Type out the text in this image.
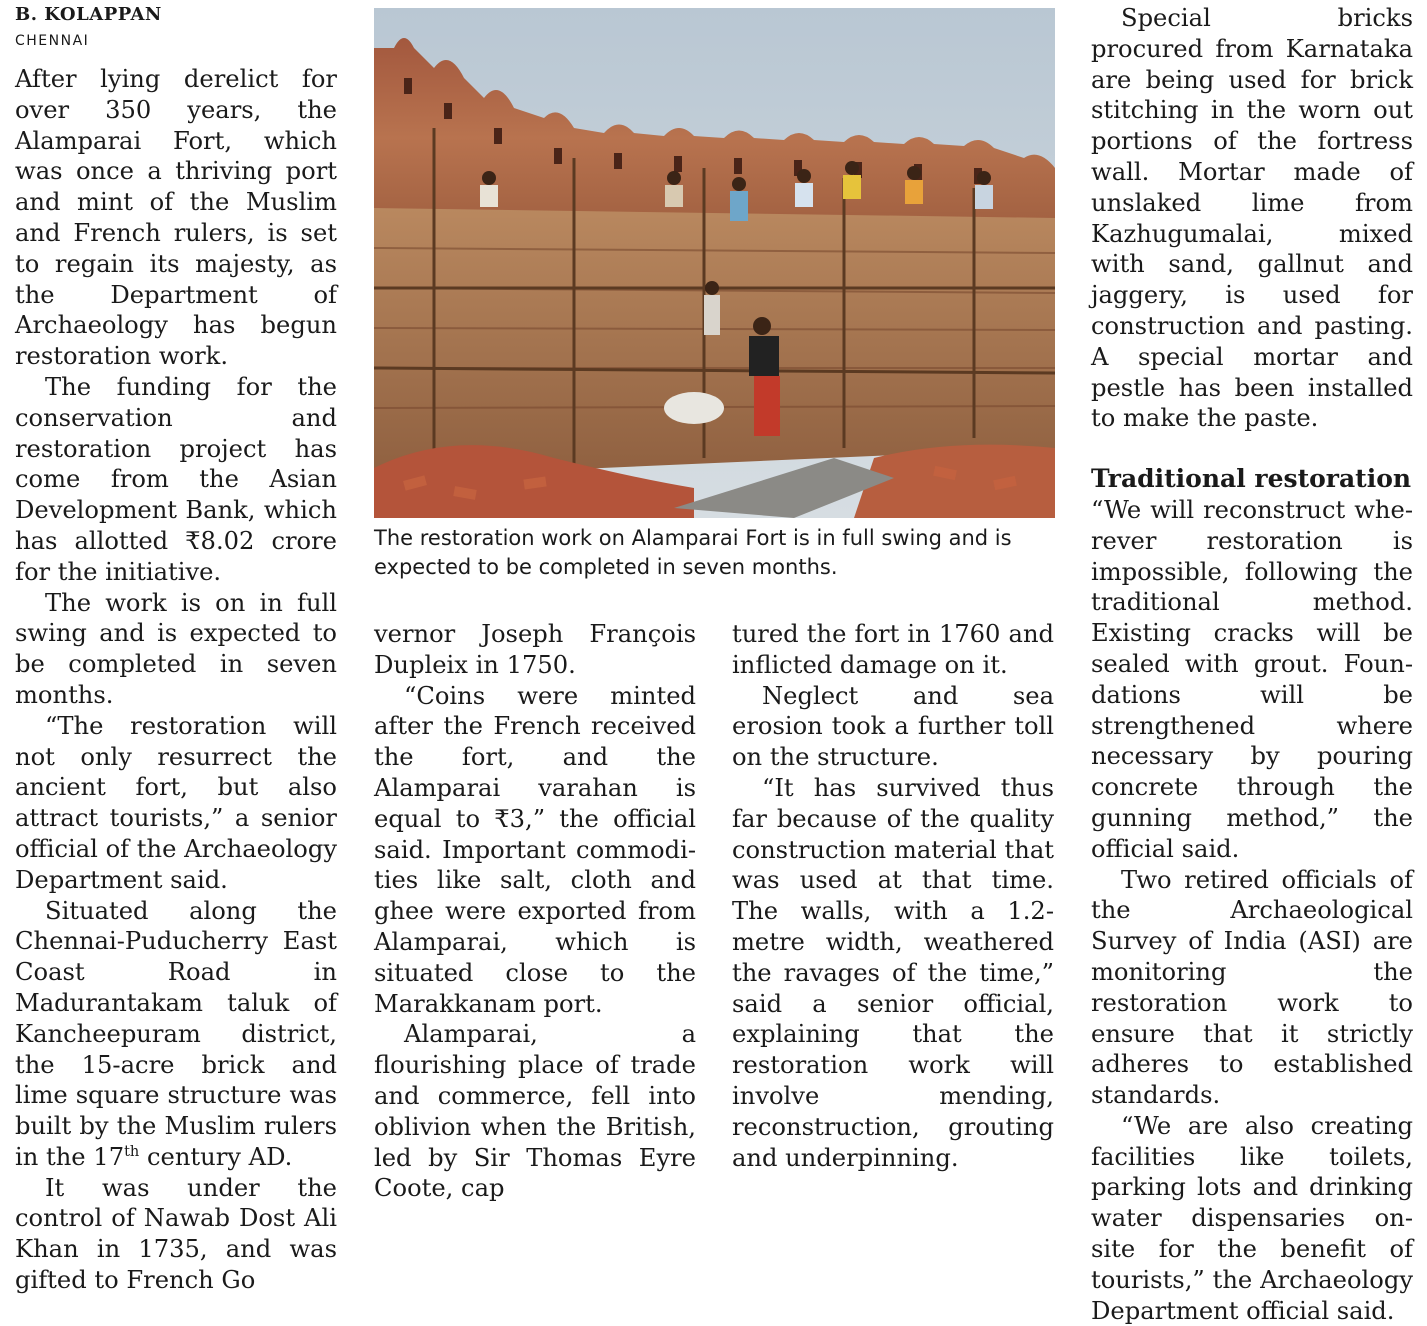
B. KOLAPPAN
CHENNAI

After lying derelict for over 350 years, the Alamparai Fort, which was once a thriving port and mint of the Muslim and French rulers, is set to regain its majesty, as the Department of Archaeology has begun restoration work.

The funding for the conservation and restoration project has come from the Asian Development Bank, which has allotted ₹8.02 crore for the initiative.

The work is on in full swing and is expected to be completed in seven months.

“The restoration will not only resurrect the ancient fort, but also attract tourists,” a senior official of the Archaeology Department said.

Situated along the Chennai-Puducherry East Coast Road in Madurantakam taluk of Kancheepuram district, the 15-acre brick and lime square structure was built by the Muslim rulers in the 17th century AD.

It was under the control of Nawab Dost Ali Khan in 1735, and was gifted to French Go

The restoration work on Alamparai Fort is in full swing and is expected to be completed in seven months.

vernor Joseph François Dupleix in 1750.

“Coins were minted after the French received the fort, and the Alamparai varahan is equal to ₹3,” the official said. Important commodities like salt, cloth and ghee were exported from Alamparai, which is situated close to the Marakkanam port.

Alamparai, a flourishing place of trade and commerce, fell into oblivion when the British, led by Sir Thomas Eyre Coote, cap

tured the fort in 1760 and inflicted damage on it.

Neglect and sea erosion took a further toll on the structure.

“It has survived thus far because of the quality construction material that was used at that time. The walls, with a 1.2-metre width, weathered the ravages of the time,” said a senior official, explaining that the restoration work will involve mending, reconstruction, grouting and underpinning.

Special bricks procured from Karnataka are being used for brick stitching in the worn out portions of the fortress wall. Mortar made of unslaked lime from Kazhugumalai, mixed with sand, gallnut and jaggery, is used for construction and pasting. A special mortar and pestle has been installed to make the paste.

Traditional restoration

“We will reconstruct wherever restoration is impossible, following the traditional method. Existing cracks will be sealed with grout. Foundations will be strengthened where necessary by pouring concrete through the gunning method,” the official said.

Two retired officials of the Archaeological Survey of India (ASI) are monitoring the restoration work to ensure that it strictly adheres to established standards.

“We are also creating facilities like toilets, parking lots and drinking water dispensaries on-site for the benefit of tourists,” the Archaeology Department official said.
